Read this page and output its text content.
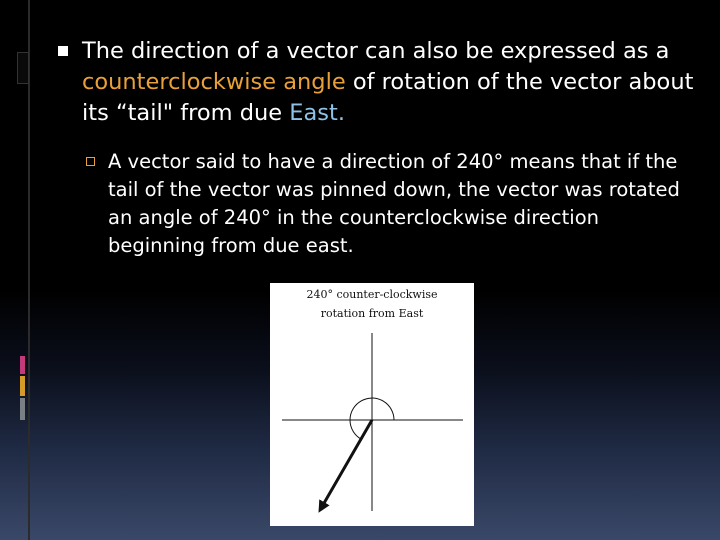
The direction of a vector can also be expressed as a counterclockwise angle of rotation of the vector about its “tail" from due East.
A vector said to have a direction of 240° means that if the tail of the vector was pinned down, the vector was rotated an angle of 240° in the counterclockwise direction beginning from due east.
240° counter-clockwise
rotation from East
